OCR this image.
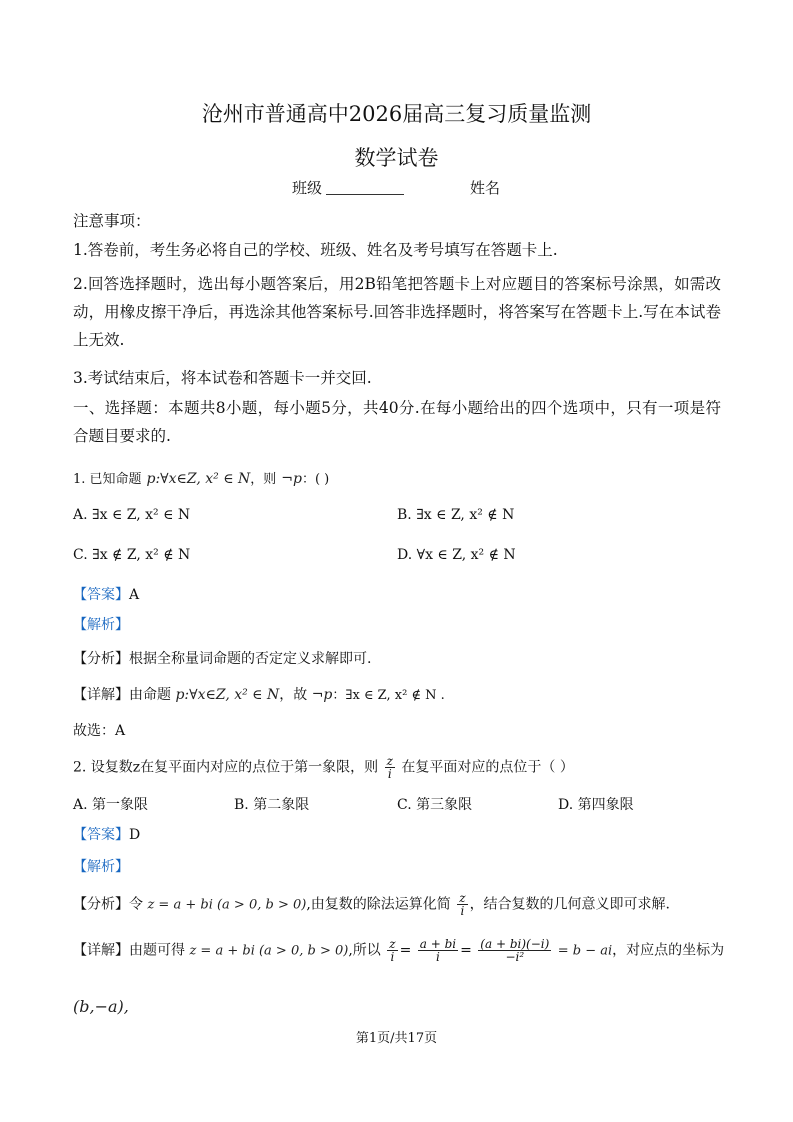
沧州市普通高中2026届高三复习质量监测
数学试卷
班级	姓名
注意事项：
1.答卷前，考生务必将自己的学校、班级、姓名及考号填写在答题卡上.
2.回答选择题时，选出每小题答案后，用2B铅笔把答题卡上对应题目的答案标号涂黑，如需改动，用橡皮擦干净后，再选涂其他答案标号.回答非选择题时，将答案写在答题卡上.写在本试卷上无效.
3.考试结束后，将本试卷和答题卡一并交回.
一、选择题：本题共8小题，每小题5分，共40分.在每小题给出的四个选项中，只有一项是符合题目要求的.
1. 已知命题 p:∀x∈Z, x² ∈ N，则 ¬p：( )
A. ∃x ∈ Z, x² ∈ N	B. ∃x ∈ Z, x² ∉ N
C. ∃x ∉ Z, x² ∉ N	D. ∀x ∈ Z, x² ∉ N
【答案】A
【解析】
【分析】根据全称量词命题的否定定义求解即可.
【详解】由命题 p:∀x∈Z, x² ∈ N，故 ¬p：∃x ∈ Z, x² ∉ N .
故选：A
2. 设复数z在复平面内对应的点位于第一象限，则 $\frac{z}{i}$ 在复平面对应的点位于（ ）
A. 第一象限	B. 第二象限	C. 第三象限	D. 第四象限
【答案】D
【解析】
【分析】令 z = a + bi (a > 0, b > 0),由复数的除法运算化简 $\frac{z}{i}$ ，结合复数的几何意义即可求解.
【详解】由题可得 z = a + bi (a > 0, b > 0),所以 $\frac{z}{i} = \frac{a + bi}{i} = \frac{(a + bi)(-i)}{\text{−i²}} = b$ − ai，对应点的坐标为
(b,−a),
第1页/共17页
